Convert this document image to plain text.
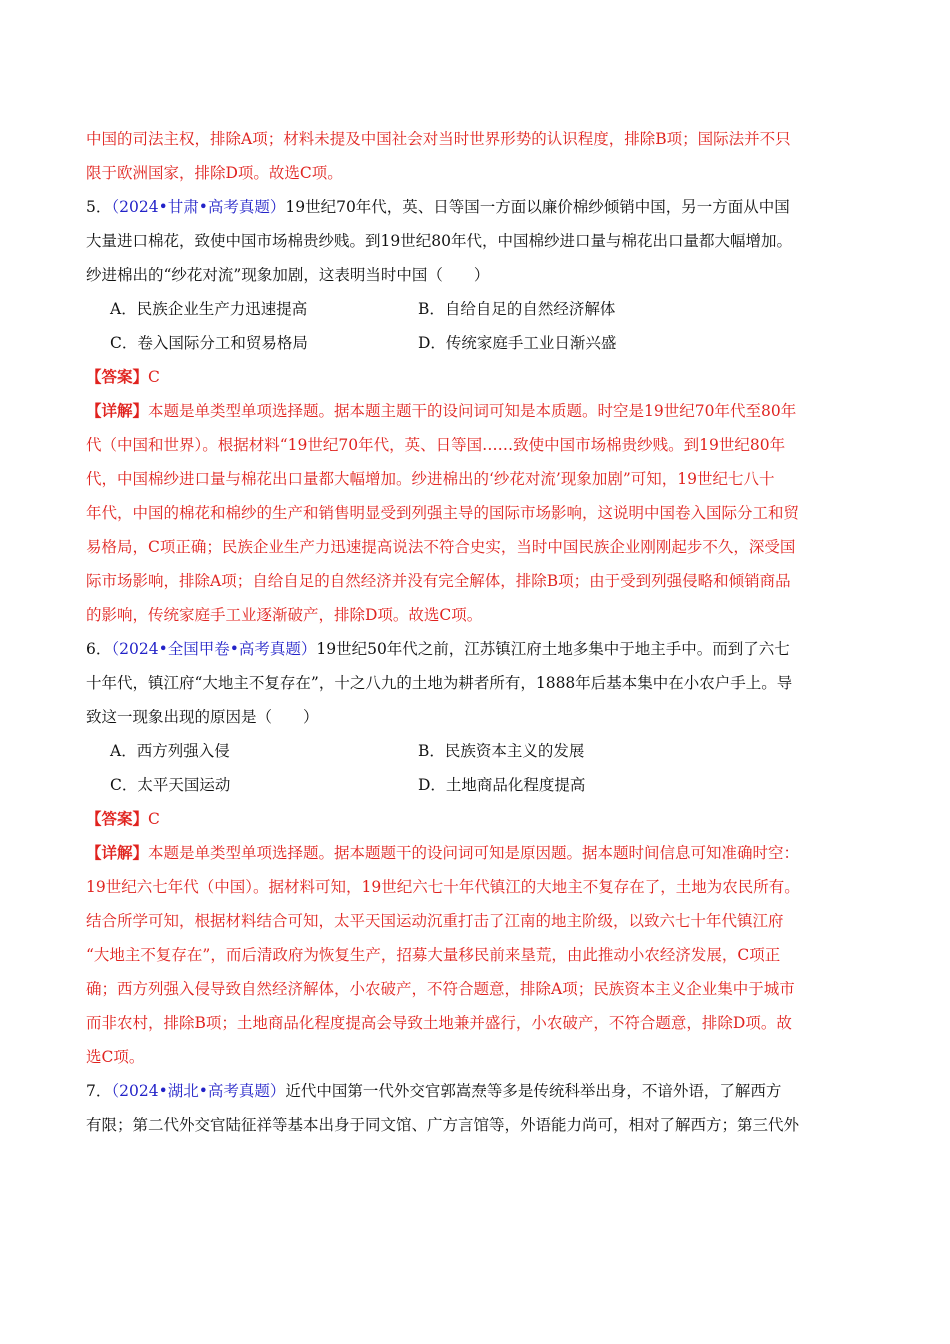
中国的司法主权，排除A项；材料未提及中国社会对当时世界形势的认识程度，排除B项；国际法并不只
限于欧洲国家，排除D项。故选C项。
5．（2024•甘肃•高考真题）19世纪70年代，英、日等国一方面以廉价棉纱倾销中国，另一方面从中国
大量进口棉花，致使中国市场棉贵纱贱。到19世纪80年代，中国棉纱进口量与棉花出口量都大幅增加。
纱进棉出的“纱花对流”现象加剧，这表明当时中国（　　）
A．民族企业生产力迅速提高	B．自给自足的自然经济解体
C．卷入国际分工和贸易格局	D．传统家庭手工业日渐兴盛
【答案】C
【详解】本题是单类型单项选择题。据本题主题干的设问词可知是本质题。时空是19世纪70年代至80年
代（中国和世界）。根据材料“19世纪70年代，英、日等国……致使中国市场棉贵纱贱。到19世纪80年
代，中国棉纱进口量与棉花出口量都大幅增加。纱进棉出的‘纱花对流’现象加剧”可知，19世纪七八十
年代，中国的棉花和棉纱的生产和销售明显受到列强主导的国际市场影响，这说明中国卷入国际分工和贸
易格局，C项正确；民族企业生产力迅速提高说法不符合史实，当时中国民族企业刚刚起步不久，深受国
际市场影响，排除A项；自给自足的自然经济并没有完全解体，排除B项；由于受到列强侵略和倾销商品
的影响，传统家庭手工业逐渐破产，排除D项。故选C项。
6．（2024•全国甲卷•高考真题）19世纪50年代之前，江苏镇江府土地多集中于地主手中。而到了六七
十年代，镇江府“大地主不复存在”，十之八九的土地为耕者所有，1888年后基本集中在小农户手上。导
致这一现象出现的原因是（　　）
A．西方列强入侵	B．民族资本主义的发展
C．太平天国运动	D．土地商品化程度提高
【答案】C
【详解】本题是单类型单项选择题。据本题题干的设问词可知是原因题。据本题时间信息可知准确时空：
19世纪六七年代（中国）。据材料可知，19世纪六七十年代镇江的大地主不复存在了，土地为农民所有。
结合所学可知，根据材料结合可知，太平天国运动沉重打击了江南的地主阶级，以致六七十年代镇江府
“大地主不复存在”，而后清政府为恢复生产，招募大量移民前来垦荒，由此推动小农经济发展，C项正
确；西方列强入侵导致自然经济解体，小农破产，不符合题意，排除A项；民族资本主义企业集中于城市
而非农村，排除B项；土地商品化程度提高会导致土地兼并盛行，小农破产，不符合题意，排除D项。故
选C项。
7．（2024•湖北•高考真题）近代中国第一代外交官郭嵩焘等多是传统科举出身，不谙外语，了解西方
有限；第二代外交官陆征祥等基本出身于同文馆、广方言馆等，外语能力尚可，相对了解西方；第三代外
